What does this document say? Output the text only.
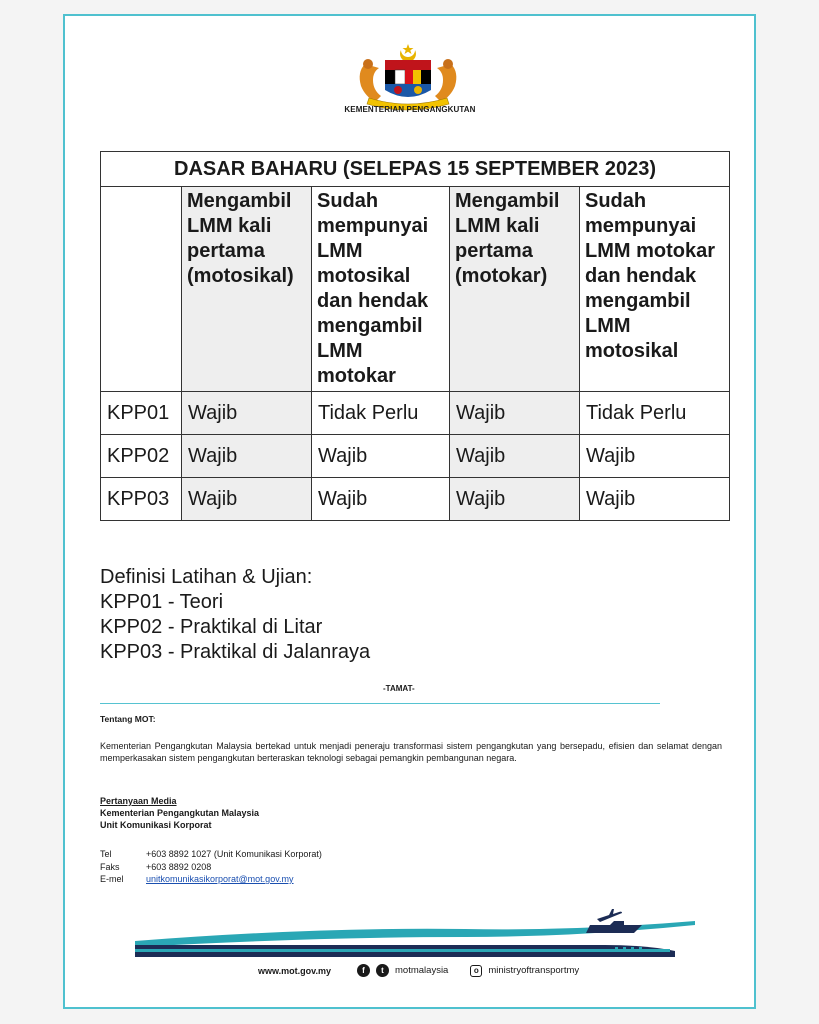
KEMENTERIAN PENGANGKUTAN
DASAR BAHARU (SELEPAS 15 SEPTEMBER 2023)				
	Mengambil LMM kali pertama (motosikal)	Sudah mempunyai LMM motosikal dan hendak mengambil LMM motokar	Mengambil LMM kali pertama (motokar)	Sudah mempunyai LMM motokar dan hendak mengambil LMM motosikal
KPP01	Wajib	Tidak Perlu	Wajib	Tidak Perlu
KPP02	Wajib	Wajib	Wajib	Wajib
KPP03	Wajib	Wajib	Wajib	Wajib
Definisi Latihan & Ujian:
KPP01 - Teori
KPP02 - Praktikal di Litar
KPP03 - Praktikal di Jalanraya
-TAMAT-
Tentang MOT:
Kementerian Pengangkutan Malaysia bertekad untuk menjadi peneraju transformasi sistem pengangkutan yang bersepadu, efisien dan selamat dengan memperkasakan sistem pengangkutan berteraskan teknologi sebagai pemangkin pembangunan negara.
Pertanyaan Media
Kementerian Pengangkutan Malaysia
Unit Komunikasi Korporat
Tel	+603 8892 1027 (Unit Komunikasi Korporat)
Faks	+603 8892 0208
E-mel	unitkomunikasikorporat@mot.gov.my
www.mot.gov.my	f	t	motmalaysia	o	ministryoftransportmy
